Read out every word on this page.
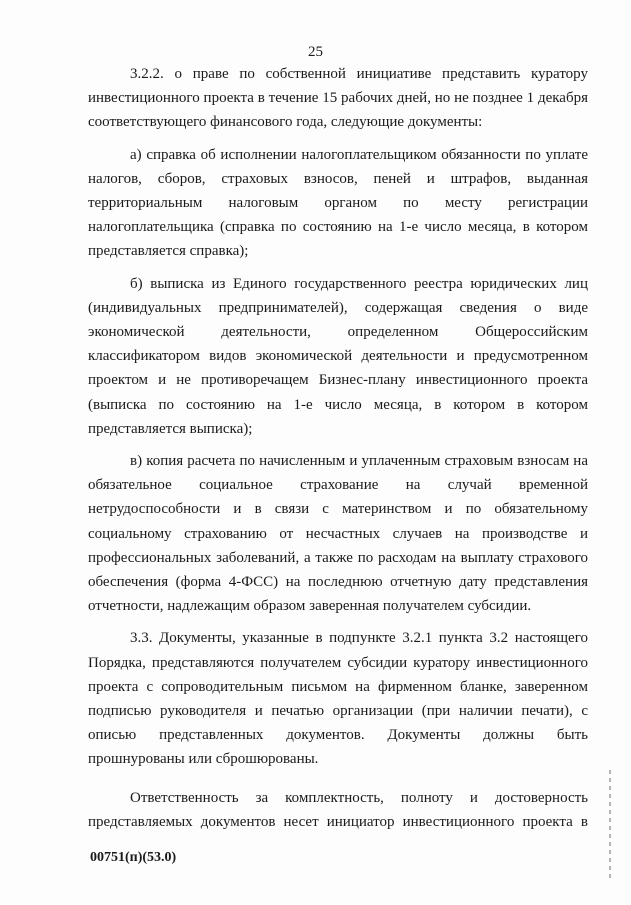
25

3.2.2. о праве по собственной инициативе представить куратору инвестиционного проекта в течение 15 рабочих дней, но не позднее 1 декабря соответствующего финансового года, следующие документы:

а) справка об исполнении налогоплательщиком обязанности по уплате налогов, сборов, страховых взносов, пеней и штрафов, выданная территориальным налоговым органом по месту регистрации налогоплательщика (справка по состоянию на 1-е число месяца, в котором представляется справка);

б) выписка из Единого государственного реестра юридических лиц (индивидуальных предпринимателей), содержащая сведения о виде экономической деятельности, определенном Общероссийским классификатором видов экономической деятельности и предусмотренном проектом и не противоречащем Бизнес-плану инвестиционного проекта (выписка по состоянию на 1-е число месяца, в котором в котором представляется выписка);

в) копия расчета по начисленным и уплаченным страховым взносам на обязательное социальное страхование на случай временной нетрудоспособности и в связи с материнством и по обязательному социальному страхованию от несчастных случаев на производстве и профессиональных заболеваний, а также по расходам на выплату страхового обеспечения (форма 4-ФСС) на последнюю отчетную дату представления отчетности, надлежащим образом заверенная получателем субсидии.

3.3. Документы, указанные в подпункте 3.2.1 пункта 3.2 настоящего Порядка, представляются получателем субсидии куратору инвестиционного проекта с сопроводительным письмом на фирменном бланке, заверенном подписью руководителя и печатью организации (при наличии печати), с описью представленных документов. Документы должны быть прошнурованы или сброшюрованы.

Ответственность за комплектность, полноту и достоверность представляемых документов несет инициатор инвестиционного проекта в

00751(п)(53.0)
